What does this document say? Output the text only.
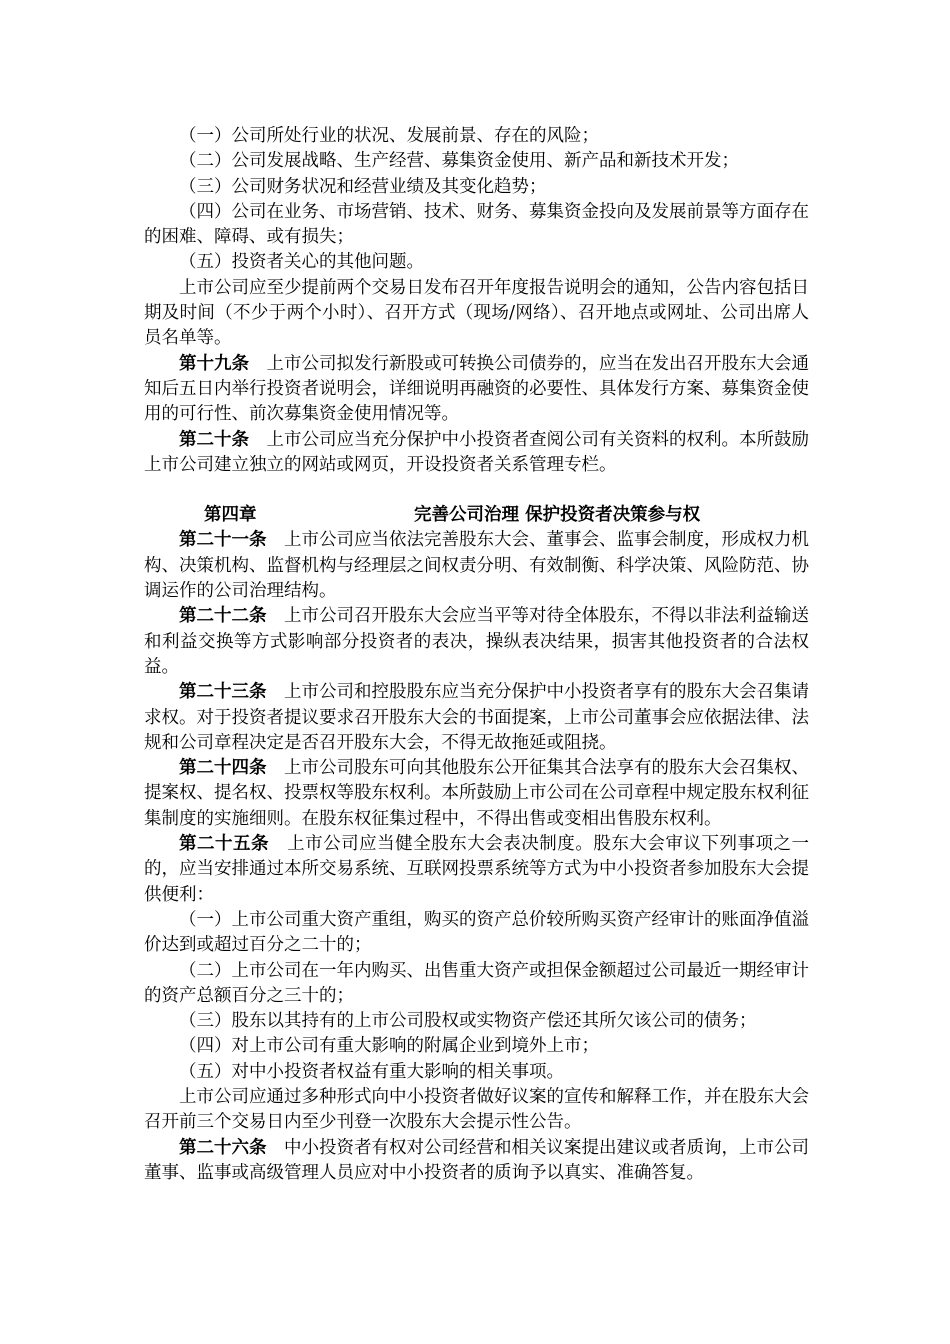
（一）公司所处行业的状况、发展前景、存在的风险；

（二）公司发展战略、生产经营、募集资金使用、新产品和新技术开发；

（三）公司财务状况和经营业绩及其变化趋势；

（四）公司在业务、市场营销、技术、财务、募集资金投向及发展前景等方面存在的困难、障碍、或有损失；

（五）投资者关心的其他问题。

上市公司应至少提前两个交易日发布召开年度报告说明会的通知，公告内容包括日期及时间（不少于两个小时）、召开方式（现场/网络）、召开地点或网址、公司出席人员名单等。

第十九条 上市公司拟发行新股或可转换公司债券的，应当在发出召开股东大会通知后五日内举行投资者说明会，详细说明再融资的必要性、具体发行方案、募集资金使用的可行性、前次募集资金使用情况等。

第二十条 上市公司应当充分保护中小投资者查阅公司有关资料的权利。本所鼓励上市公司建立独立的网站或网页，开设投资者关系管理专栏。

第四章	完善公司治理 保护投资者决策参与权

第二十一条 上市公司应当依法完善股东大会、董事会、监事会制度，形成权力机构、决策机构、监督机构与经理层之间权责分明、有效制衡、科学决策、风险防范、协调运作的公司治理结构。

第二十二条 上市公司召开股东大会应当平等对待全体股东，不得以非法利益输送和利益交换等方式影响部分投资者的表决，操纵表决结果，损害其他投资者的合法权益。

第二十三条 上市公司和控股股东应当充分保护中小投资者享有的股东大会召集请求权。对于投资者提议要求召开股东大会的书面提案，上市公司董事会应依据法律、法规和公司章程决定是否召开股东大会，不得无故拖延或阻挠。

第二十四条 上市公司股东可向其他股东公开征集其合法享有的股东大会召集权、提案权、提名权、投票权等股东权利。本所鼓励上市公司在公司章程中规定股东权利征集制度的实施细则。在股东权征集过程中，不得出售或变相出售股东权利。

第二十五条 上市公司应当健全股东大会表决制度。股东大会审议下列事项之一的，应当安排通过本所交易系统、互联网投票系统等方式为中小投资者参加股东大会提供便利：

（一）上市公司重大资产重组，购买的资产总价较所购买资产经审计的账面净值溢价达到或超过百分之二十的；

（二）上市公司在一年内购买、出售重大资产或担保金额超过公司最近一期经审计的资产总额百分之三十的；

（三）股东以其持有的上市公司股权或实物资产偿还其所欠该公司的债务；

（四）对上市公司有重大影响的附属企业到境外上市；

（五）对中小投资者权益有重大影响的相关事项。

上市公司应通过多种形式向中小投资者做好议案的宣传和解释工作，并在股东大会召开前三个交易日内至少刊登一次股东大会提示性公告。

第二十六条 中小投资者有权对公司经营和相关议案提出建议或者质询，上市公司董事、监事或高级管理人员应对中小投资者的质询予以真实、准确答复。
